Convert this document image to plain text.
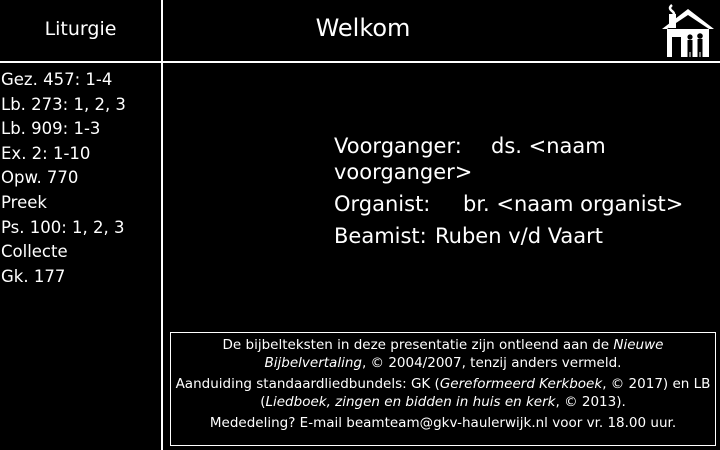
Liturgie	Welkom
Gez. 457: 1-4
Lb. 273: 1, 2, 3
Lb. 909: 1-3
Ex. 2: 1-10
Opw. 770
Preek
Ps. 100: 1, 2, 3
Collecte
Gk. 177
Voorganger:	ds. <naam voorganger>
Organist:	br. <naam organist>
Beamist: Ruben v/d Vaart

De bijbelteksten in deze presentatie zijn ontleend aan de Nieuwe Bijbelvertaling, © 2004/2007, tenzij anders vermeld.

Aanduiding standaardliedbundels: GK (Gereformeerd Kerkboek, © 2017) en LB (Liedboek, zingen en bidden in huis en kerk, © 2013).

Mededeling? E-mail beamteam@gkv-haulerwijk.nl voor vr. 18.00 uur.
